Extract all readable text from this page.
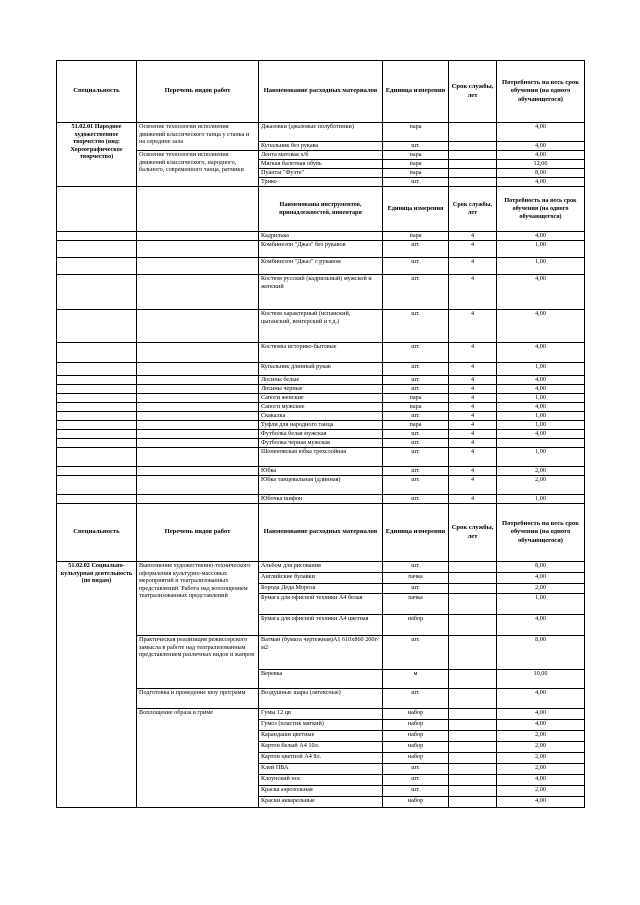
Специальность	Перечень видов работ	Наименование расходных материалов	Единица измерения	Срок службы, лет	Потребность на весь срок обучения (на одного обучающегося)
51.02.01 Народное художественное творчество (вид: Хореографическое творчество)	Освоение технологии исполнения движений классического танца у станка и на середине зала	Джазовки (джазовые полуботинки)	пара		4,00
		Купальник без рукава	шт.		4,00
	Освоение технологии исполнения движений классического, народного, бального, современного танца, ратмики	Лента матовая х/б	пара		4,00
		Мягкая балетная обувь	пара		12,00
		Пуанты "Фуэте"	пара		8,00
		Трико	шт.		4,00
		Наименованы инструментов, принадлежностей, инвентаря	Единица измерения	Срок службы, лет	Потребность на весь срок обучения (на одного обучающегося)
		Кадрилька	пара	4	4,00
		Комбинезон "Джаз" без рукавов	шт.	4	1,00
		Комбинезон "Джаз" с рукавом	шт.	4	1,00
		Костюм русский (кадрильный) мужской и женский	шт.	4	4,00
		Костюм характерный (испанский, цыганский, венгерский и т.д.)	шт.	4	4,00
		Костюмы историко-бытовые	шт.	4	4,00
		Купальник длинный рукав	шт.	4	1,00
		Лосины белые	шт.	4	4,00
		Лосины черные	шт.	4	4,00
		Сапоги женские	пара	4	1,00
		Сапоги мужские	пара	4	4,00
		Скакалка	шт.	4	1,00
		Туфли для народного танца	пара	4	1,00
		Футболка белая мужская	шт.	4	4,00
		Футболка черная мужская	шт.	4	
		Шопеновская юбка трехслойная	шт.	4	1,00
		Юбка	шт.	4	2,00
		Юбка танцевальная (длинная)	шт.	4	2,00
		Юбочка шифон	шт.	4	1,00
Специальность	Перечень видов работ	Наименование расходных материалов	Единица измерения	Срок службы, лет	Потребность на весь срок обучения (на одного обучающегося)
51.02.02 Социально-культурная деятельность (по видам)	Выполнение художественно-технического оформления культурно-массовых мероприятий и театрализованных представлений. Работа над воплощением театрализованных представлений	Альбом для рисования	шт.		8,00
		Английские булавки	пачка		4,00
		Борода Деда Мороза	шт.		2,00
		Бумага для офисной техники А4 белая	пачка		1,00
		Бумага для офисной техники А4 цветная	набор		4,00
	Практическая реализация режиссерского замысла в работе над театрализованным представлением различных видов и жанров	Ватман (бумага чертежная)А1 610х860 200г/м2	шт.		8,00
		Веревка	м		10,00
	Подготовка и проведение шоу программ	Воздушные шары (латексные)	шт.		4,00
	Воплощение образа в гриме	Гумы 12 цв	набор		4,00
		Гумоз (пластик мягкий)	набор		4,00
		Карандаши цветные	набор		2,00
		Картон белый А4 10л.	набор		2,00
		Картон цветной А4 8л.	набор		2,00
		Клей ПВА	шт.		2,00
		Клоунский нос	шт.		4,00
		Краска аэрозольная	шт.		2,00
		Краски акварельные	набор		4,00
